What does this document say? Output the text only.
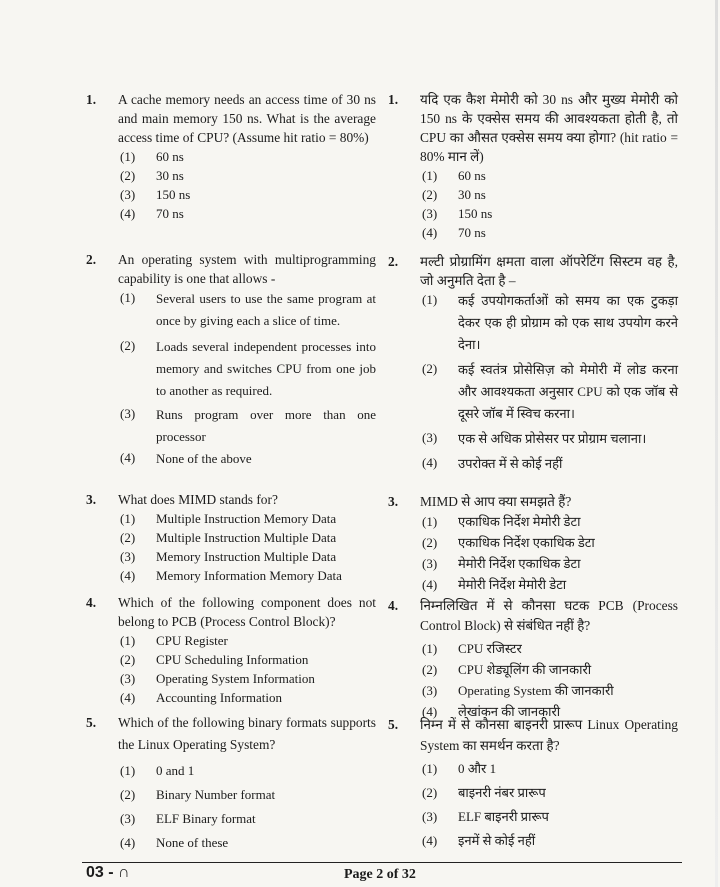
1.	A cache memory needs an access time of 30 ns and main memory 150 ns. What is the average access time of CPU? (Assume hit ratio = 80%)
(1)	60 ns
(2)	30 ns
(3)	150 ns
(4)	70 ns
2.	An operating system with multiprogramming capability is one that allows -
(1)	Several users to use the same program at once by giving each a slice of time.
(2)	Loads several independent processes into memory and switches CPU from one job to another as required.
(3)	Runs program over more than one processor
(4)	None of the above
3.	What does MIMD stands for?
(1)	Multiple Instruction Memory Data
(2)	Multiple Instruction Multiple Data
(3)	Memory Instruction Multiple Data
(4)	Memory Information Memory Data
4.	Which of the following component does not belong to PCB (Process Control Block)?
(1)	CPU Register
(2)	CPU Scheduling Information
(3)	Operating System Information
(4)	Accounting Information
5.	Which of the following binary formats supports the Linux Operating System?
(1)	0 and 1
(2)	Binary Number format
(3)	ELF Binary format
(4)	None of these
1.	यदि एक कैश मेमोरी को 30 ns और मुख्य मेमोरी को 150 ns के एक्सेस समय की आवश्यकता होती है, तो CPU का औसत एक्सेस समय क्या होगा? (hit ratio = 80% मान लें)
(1)	60 ns
(2)	30 ns
(3)	150 ns
(4)	70 ns
2.	मल्टी प्रोग्रामिंग क्षमता वाला ऑपरेटिंग सिस्टम वह है, जो अनुमति देता है –
(1)	कई उपयोगकर्ताओं को समय का एक टुकड़ा देकर एक ही प्रोग्राम को एक साथ उपयोग करने देना।
(2)	कई स्वतंत्र प्रोसेसिज़ को मेमोरी में लोड करना और आवश्यकता अनुसार CPU को एक जॉब से दूसरे जॉब में स्विच करना।
(3)	एक से अधिक प्रोसेसर पर प्रोग्राम चलाना।
(4)	उपरोक्त में से कोई नहीं
3.	MIMD से आप क्या समझते हैं?
(1)	एकाधिक निर्देश मेमोरी डेटा
(2)	एकाधिक निर्देश एकाधिक डेटा
(3)	मेमोरी निर्देश एकाधिक डेटा
(4)	मेमोरी निर्देश मेमोरी डेटा
4.	निम्नलिखित में से कौनसा घटक PCB (Process Control Block) से संबंधित नहीं है?
(1)	CPU रजिस्टर
(2)	CPU शेड्यूलिंग की जानकारी
(3)	Operating System की जानकारी
(4)	लेखांकन की जानकारी
5.	निम्न में से कौनसा बाइनरी प्रारूप Linux Operating System का समर्थन करता है?
(1)	0 और 1
(2)	बाइनरी नंबर प्रारूप
(3)	ELF बाइनरी प्रारूप
(4)	इनमें से कोई नहीं
03 - ∩	Page 2 of 32
